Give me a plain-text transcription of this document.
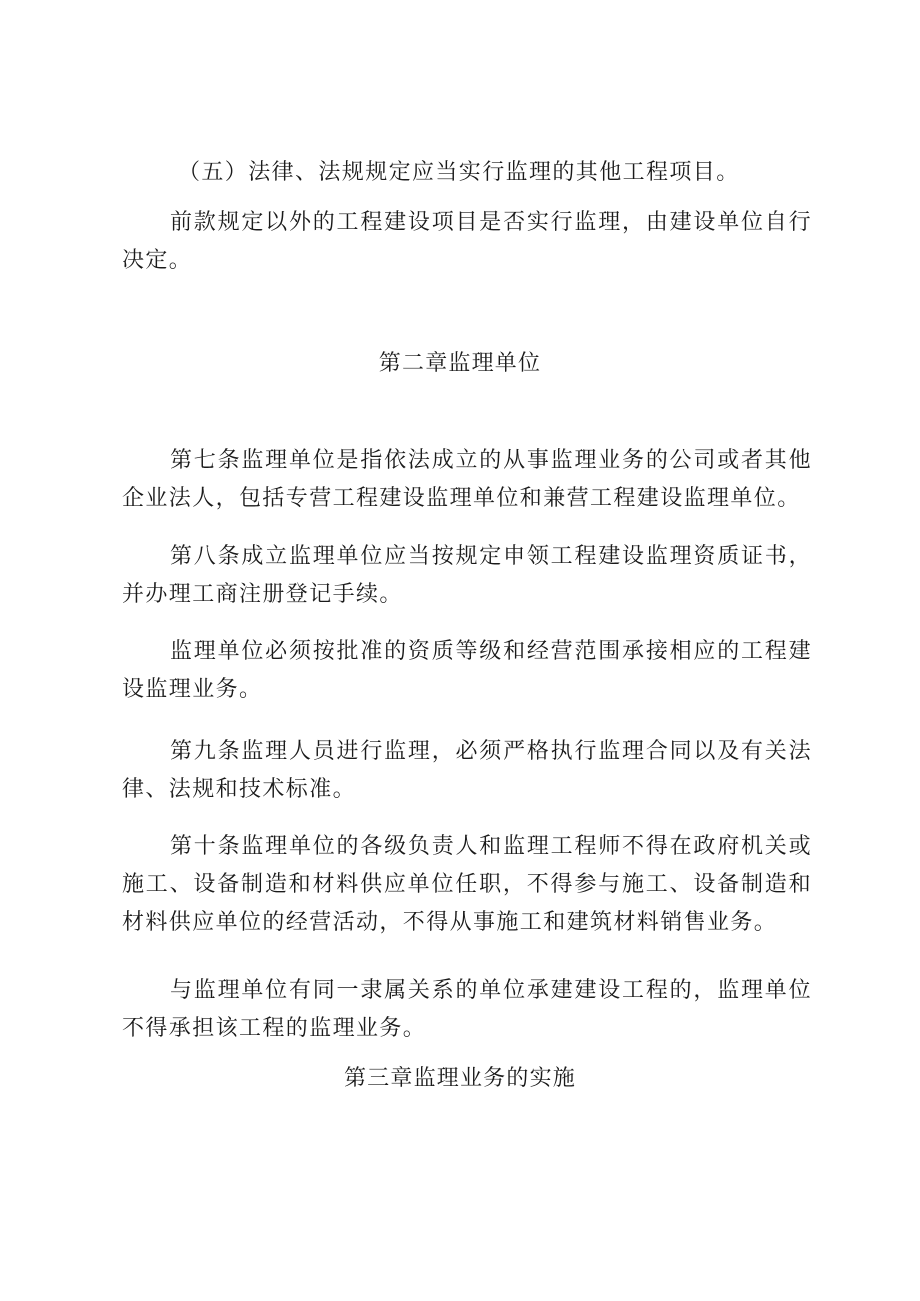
（五）法律、法规规定应当实行监理的其他工程项目。

前款规定以外的工程建设项目是否实行监理，由建设单位自行决定。

第二章监理单位

第七条监理单位是指依法成立的从事监理业务的公司或者其他企业法人，包括专营工程建设监理单位和兼营工程建设监理单位。

第八条成立监理单位应当按规定申领工程建设监理资质证书，并办理工商注册登记手续。

监理单位必须按批准的资质等级和经营范围承接相应的工程建设监理业务。

第九条监理人员进行监理，必须严格执行监理合同以及有关法律、法规和技术标准。

第十条监理单位的各级负责人和监理工程师不得在政府机关或施工、设备制造和材料供应单位任职，不得参与施工、设备制造和材料供应单位的经营活动，不得从事施工和建筑材料销售业务。

与监理单位有同一隶属关系的单位承建建设工程的，监理单位不得承担该工程的监理业务。

第三章监理业务的实施
